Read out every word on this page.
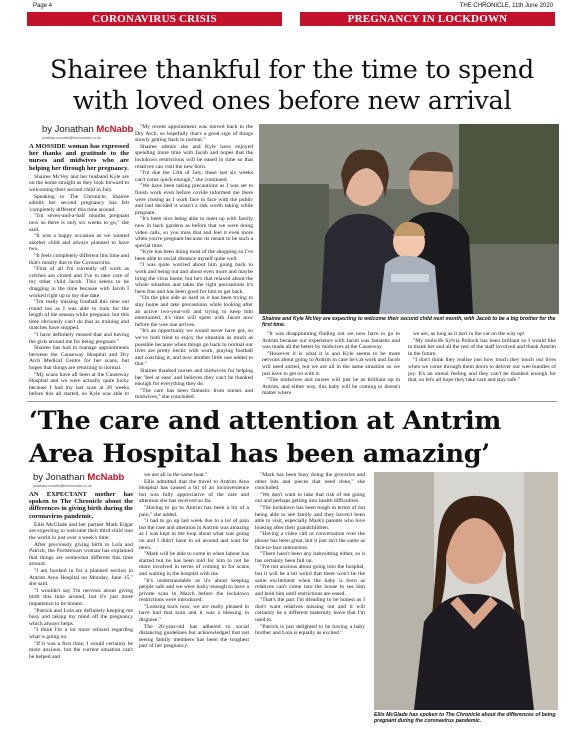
Page 4	THE CHRONICLE, 11th June 2020
CORONAVIRUS CRISIS	PREGNANCY IN LOCKDOWN
Shairee thankful for the time to spend with loved ones before new arrival
by Jonathan McNabb
jonathan.mcnabb@thechronicle.co.uk

A MOSSIDE woman has expressed her thanks and gratitude to the nurses and midwives who are helping her through her pregnancy.

Shairee McVey and her husband Kyle are on the home straight as they look forward to welcoming their second child in July.

Speaking to The Chronicle, Shairee admits her second pregnancy has felt 'completely different' this time around.

"I'm seven-and-a-half months pregnant now so there is only six weeks to go," she said.

"It was a happy occasion as we wanted another child and always planned to have two.

"It feels completely different this time and that's mostly due to the Coronavirus.

"First of all I'm currently off work as crèches are closed and I've to take care of my other child Jacob. This seems to be dragging in the time because with Jacob I worked right up to my due date.

"I'm really missing football this time out round too as I was able to train for the length of the season while pregnant, but this time obviously can't do that as training and matches have stopped.

"I have definitely missed that and having the girls around me for being pregnant."

Shairee has had to manage appointments between the Causeway Hospital and Dry Arch Medical Centre for her scans, but hopes that things are returning to normal.

"My scans have all been at the Causeway Hospital and we were actually quite lucky because I had my last scan at 20 weeks before this all started, so Kyle was able to

"My recent appointment was moved back to the Dry Arch, so hopefully that's a good sign of things slowly getting back to normal."

Shairee admits she and Kyle have enjoyed spending more time with Jacob and hopes that the lockdown restrictions will be eased in time so that relatives can visit the new born.

"I'm due the 12th of July, these last six weeks can't come quick enough," she continued.

"We have been taking precautions as I was set to finish work even before covide informed me there were closing as I work face to face with the public and had decided it wasn't a risk worth taking while pregnant.

"It's been nice being able to meet up with family now in back gardens as before that we were doing video calls, so you miss that and feel it even more when you're pregnant because its meant to be such a special time.

"Kyle has been doing most of the shopping so I've been able to social distance myself quite well.

"I was quite worried about him going back to work and being out and about even more and maybe bring the virus home, but he's that relaxed about the whole situation and takes the right precautions it's been fine and has been good for him to get back.

"On the plus side as hard as it has been trying to stay home and take precautions while looking after an active two-year-old and trying to keep him entertained, it's time will spent with Jacob now before the wee one arrives.

"It's an opportunity we would never have got, so we've both tried to enjoy the situation as much as possible because when things go back to normal our lives are pretty hectic with work, playing football and coaching it, and now another little one added to that."

Shairee thanked nurses and midwives for helping her 'feel at ease' and believes they can't be thanked enough for everything they do.

"The care has been fantastic from nurses and midwives," she concluded.

Shairee and Kyle McVey are expecting to welcome their second child next month, with Jacob to be a big brother for the first time.

"It was disappointing finding out we now have to go to Antrim because our experience with Jacob was fantastic and was made all the better by midwives at the Causeway.

"However it is what it is and Kyle seems to be more nervous about going to Antrim in case he's at work and Jacob will need sorted, but we are all in the same situation so we just have to get on with it.

"The midwives and nurses will just be as brilliant up in Antrim, and either way, this baby will be coming to doesn't matter where

we are, as long as it isn't in the car on the way up!

"My midwife Sylvia Pollock has been brilliant so I would like to thank her and all the rest of the staff involved and thank Antrim in the future.

"I don't think they realise just how much they touch our lives when we come through them doors to deliver our wee bundles of joy. It's an unreal feeling and they can't be thanked enough for that, so let's all hope they take care and stay safe."

‘The care and attention at Antrim Area Hospital has been amazing’
by Jonathan McNabb
jonathan.mcnabb@thechronicle.co.uk

AN EXPECTANT mother has spoken to The Chronicle about the differences in giving birth during the coronavirus pandemic.

Eilis McGlade and her partner Mark Edgar are expecting to welcome their third child into the world in just over a week's time.

After previously giving birth to Lola and Patrick, the Portstewart woman has explained that things are somewhat different this time around.

"I am booked in for a planned section in Antrim Area Hospital on Monday, June 15," she said.

"I wouldn't say I'm nervous about giving birth this time around, but it's just more impatience to be honest.

"Patrick and Lola are definitely keeping me busy and taking my mind off the pregnancy which always helps.

"I think I'm a lot more relaxed regarding what is going on.

"If it was a first time, I would certainly be more anxious, but the current situation can't be helped and

we are all in the same boat."

Eilis admitted that the travel to Antrim Area Hospital has caused a bit of an inconvenience but was fully appreciative of the care and attention she has received so far.

"Having to go to Antrim has been a bit of a pain," she added.

"I had to go up last week due to a lot of pain but the care and attention in Antrim was amazing as I was kept in the loop about what was going on and I didn't have to sit around and wait for news.

"Mark will be able to come in when labour has started but he has been told for him to not be more involved in terms of coming in for scans and waiting in the hospital with me.

"It's understandable as it's about keeping people safe and we were lucky enough to have a private scan in March before the lockdown restrictions were introduced.

"Looking back now, we are really pleased to have had that scan and it was a blessing in disguise."

The 26-year-old has adhered to social distancing guidelines but acknowledged that not seeing family members has been the toughest part of her pregnancy.

"Mark has been busy doing the groceries and other bits and pieces that need done," she concluded.

"We don't want to take that risk of me going out and perhaps getting into health difficulties.

"The lockdown has been tough in terms of not being able to see family and they haven't been able to visit, especially Mark's parents who love looking after their grandchildren.

"Having a video call or conversation over the phone has been great, but it just isn't the same as face-to-face interaction.

"There hasn't been any babysitting either, so it has certainly been full on.

"I'm not anxious about going into the hospital, but it will be a bit weird that there won't be the same excitement when the baby is born as relatives can't come into the house to see him and hold him until restrictions are eased.

"That's the part I'm dreading to be honest as I don't want relatives missing out and it will certainly be a different maternity leave that I'm used to.

"Patrick is just delighted to be having a baby brother and Lola is equally as excited."

Eilis McGlade has spoken to The Chronicle about the differences of being pregnant during the coronavirus pandemic.
